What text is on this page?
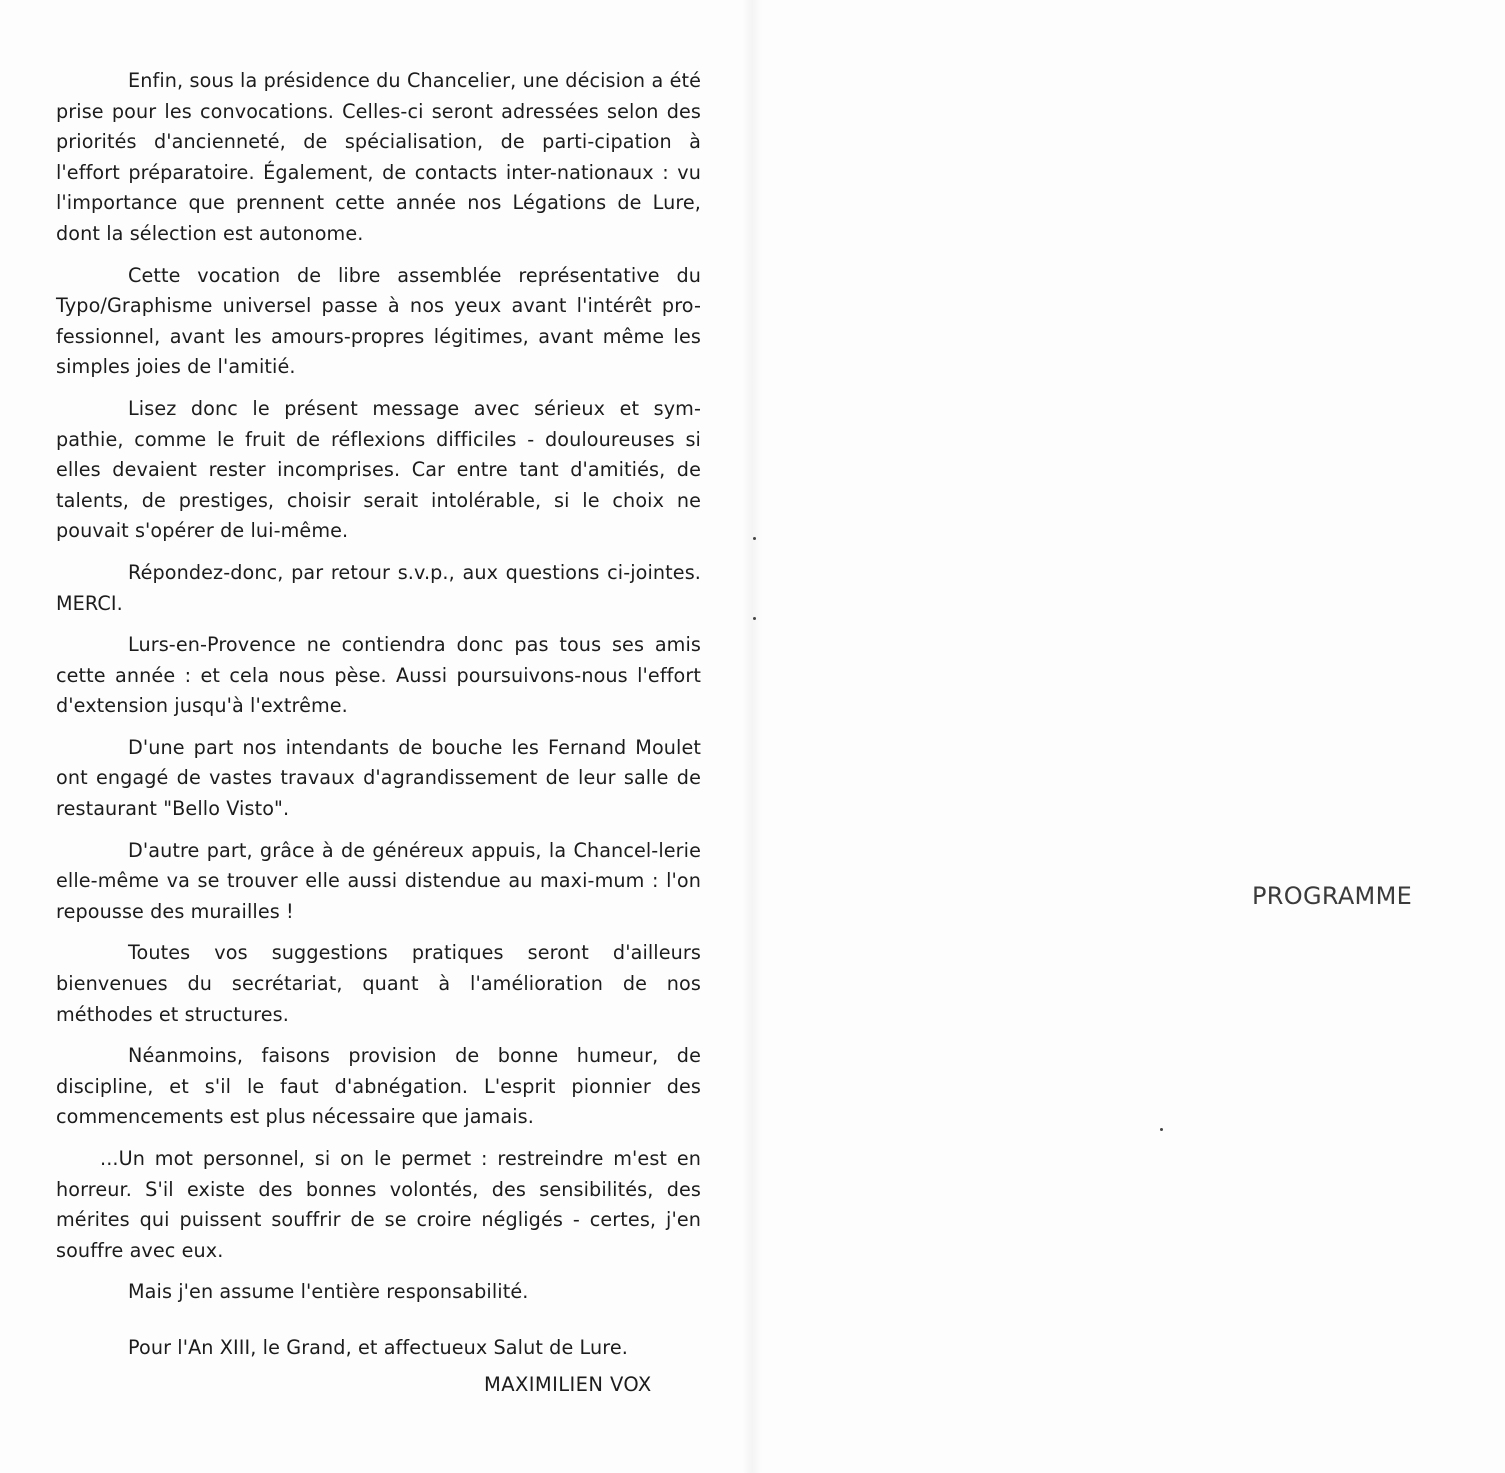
Enfin, sous la présidence du Chancelier, une décision a été prise pour les convocations. Celles-ci seront adressées selon des priorités d'ancienneté, de spécialisation, de parti-cipation à l'effort préparatoire. Également, de contacts inter-nationaux : vu l'importance que prennent cette année nos Légations de Lure, dont la sélection est autonome.

Cette vocation de libre assemblée représentative du Typo/Graphisme universel passe à nos yeux avant l'intérêt pro-fessionnel, avant les amours-propres légitimes, avant même les simples joies de l'amitié.

Lisez donc le présent message avec sérieux et sym-pathie, comme le fruit de réflexions difficiles - douloureuses si elles devaient rester incomprises. Car entre tant d'amitiés, de talents, de prestiges, choisir serait intolérable, si le choix ne pouvait s'opérer de lui-même.

Répondez-donc, par retour s.v.p., aux questions ci-jointes. MERCI.

Lurs-en-Provence ne contiendra donc pas tous ses amis cette année : et cela nous pèse. Aussi poursuivons-nous l'effort d'extension jusqu'à l'extrême.

D'une part nos intendants de bouche les Fernand Moulet ont engagé de vastes travaux d'agrandissement de leur salle de restaurant "Bello Visto".

D'autre part, grâce à de généreux appuis, la Chancel-lerie elle-même va se trouver elle aussi distendue au maxi-mum : l'on repousse des murailles !

Toutes vos suggestions pratiques seront d'ailleurs bienvenues du secrétariat, quant à l'amélioration de nos méthodes et structures.

Néanmoins, faisons provision de bonne humeur, de discipline, et s'il le faut d'abnégation. L'esprit pionnier des commencements est plus nécessaire que jamais.

...Un mot personnel, si on le permet : restreindre m'est en horreur. S'il existe des bonnes volontés, des sensibilités, des mérites qui puissent souffrir de se croire négligés - certes, j'en souffre avec eux.

Mais j'en assume l'entière responsabilité.

Pour l'An XIII, le Grand, et affectueux Salut de Lure.

MAXIMILIEN VOX
PROGRAMME
